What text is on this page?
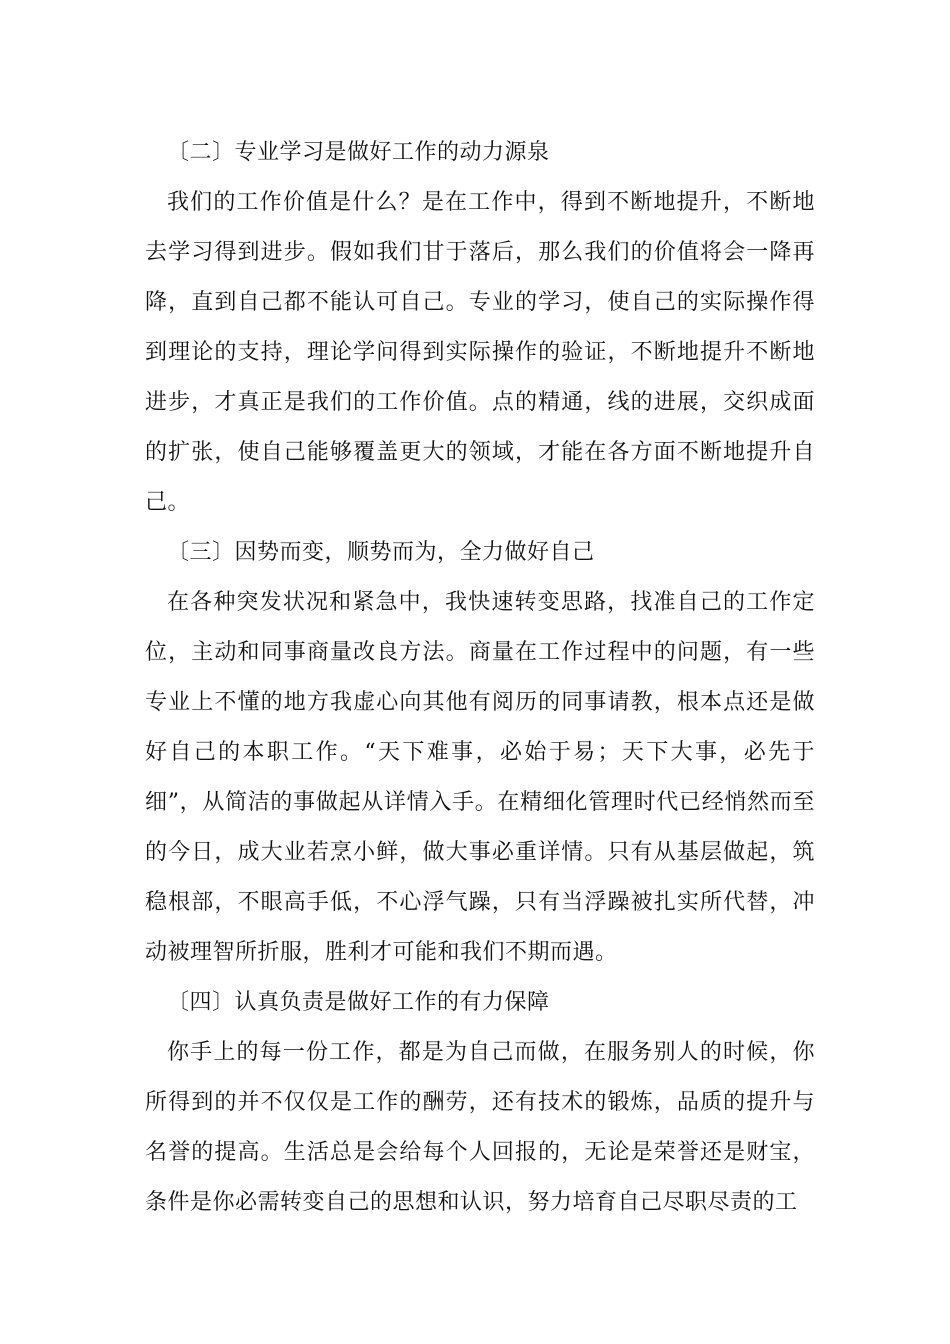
〔二〕专业学习是做好工作的动力源泉

我们的工作价值是什么？是在工作中，得到不断地提升，不断地去学习得到进步。假如我们甘于落后，那么我们的价值将会一降再降，直到自己都不能认可自己。专业的学习，使自己的实际操作得到理论的支持，理论学问得到实际操作的验证，不断地提升不断地进步，才真正是我们的工作价值。点的精通，线的进展，交织成面的扩张，使自己能够覆盖更大的领域，才能在各方面不断地提升自己。

〔三〕因势而变，顺势而为，全力做好自己

在各种突发状况和紧急中，我快速转变思路，找准自己的工作定位，主动和同事商量改良方法。商量在工作过程中的问题，有一些专业上不懂的地方我虚心向其他有阅历的同事请教，根本点还是做好自己的本职工作。“天下难事，必始于易；天下大事，必先于细”，从简洁的事做起从详情入手。在精细化管理时代已经悄然而至的今日，成大业若烹小鲜，做大事必重详情。只有从基层做起，筑稳根部，不眼高手低，不心浮气躁，只有当浮躁被扎实所代替，冲动被理智所折服，胜利才可能和我们不期而遇。

〔四〕认真负责是做好工作的有力保障

你手上的每一份工作，都是为自己而做，在服务别人的时候，你所得到的并不仅仅是工作的酬劳，还有技术的锻炼，品质的提升与名誉的提高。生活总是会给每个人回报的，无论是荣誉还是财宝，条件是你必需转变自己的思想和认识，努力培育自己尽职尽责的工
